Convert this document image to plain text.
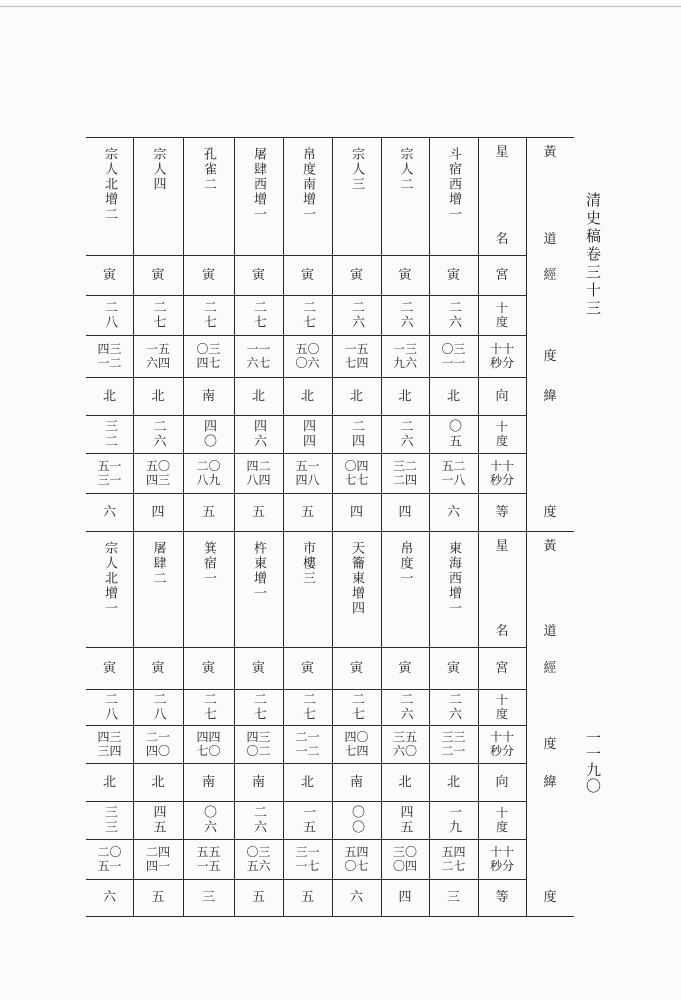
清史稿卷三十三
一一九〇
斗宿西增一
寅
二六
〇三
一一
北
〇五
五二
一八
六
宗人二
寅
二六
一三
九六
北
二六
三二
二四
四
宗人三
寅
二六
一五
七四
北
二四
〇四
七七
四
帛度南增一
寅
二七
五〇
〇六
北
四四
五一
四八
五
屠肆西增一
寅
二七
一一
六七
北
四六
四二
八四
五
孔雀二
寅
二七
〇三
四七
南
四〇
二〇
八九
五
宗人四
寅
二七
一五
六四
北
二六
五〇
四三
四
宗人北增二
寅
二八
四三
一二
北
三二
五一
三一
六
東海西增一
寅
二六
三三
二一
北
一九
五四
二七
三
帛度一
寅
二六
三五
六〇
北
四五
三〇
〇四
四
天籥東增四
寅
二七
四〇
七四
南
〇〇
五四
〇七
六
市樓三
寅
二七
二一
一二
北
一五
三一
一七
五
杵東增一
寅
二七
四三
〇二
南
二六
〇三
五六
五
箕宿一
寅
二七
四四
七〇
南
〇六
五五
一五
三
屠肆二
寅
二八
二一
四〇
北
四五
二四
四一
五
宗人北增一
寅
二八
四三
三四
北
三三
二〇
五一
六
星
名
宮
十
度
十十
秒分
向
十
度
十十
秒分
等
星
名
宮
十
度
十十
秒分
向
十
度
十十
秒分
等
黃
道
經
度
緯
度
黃
道
經
度
緯
度
